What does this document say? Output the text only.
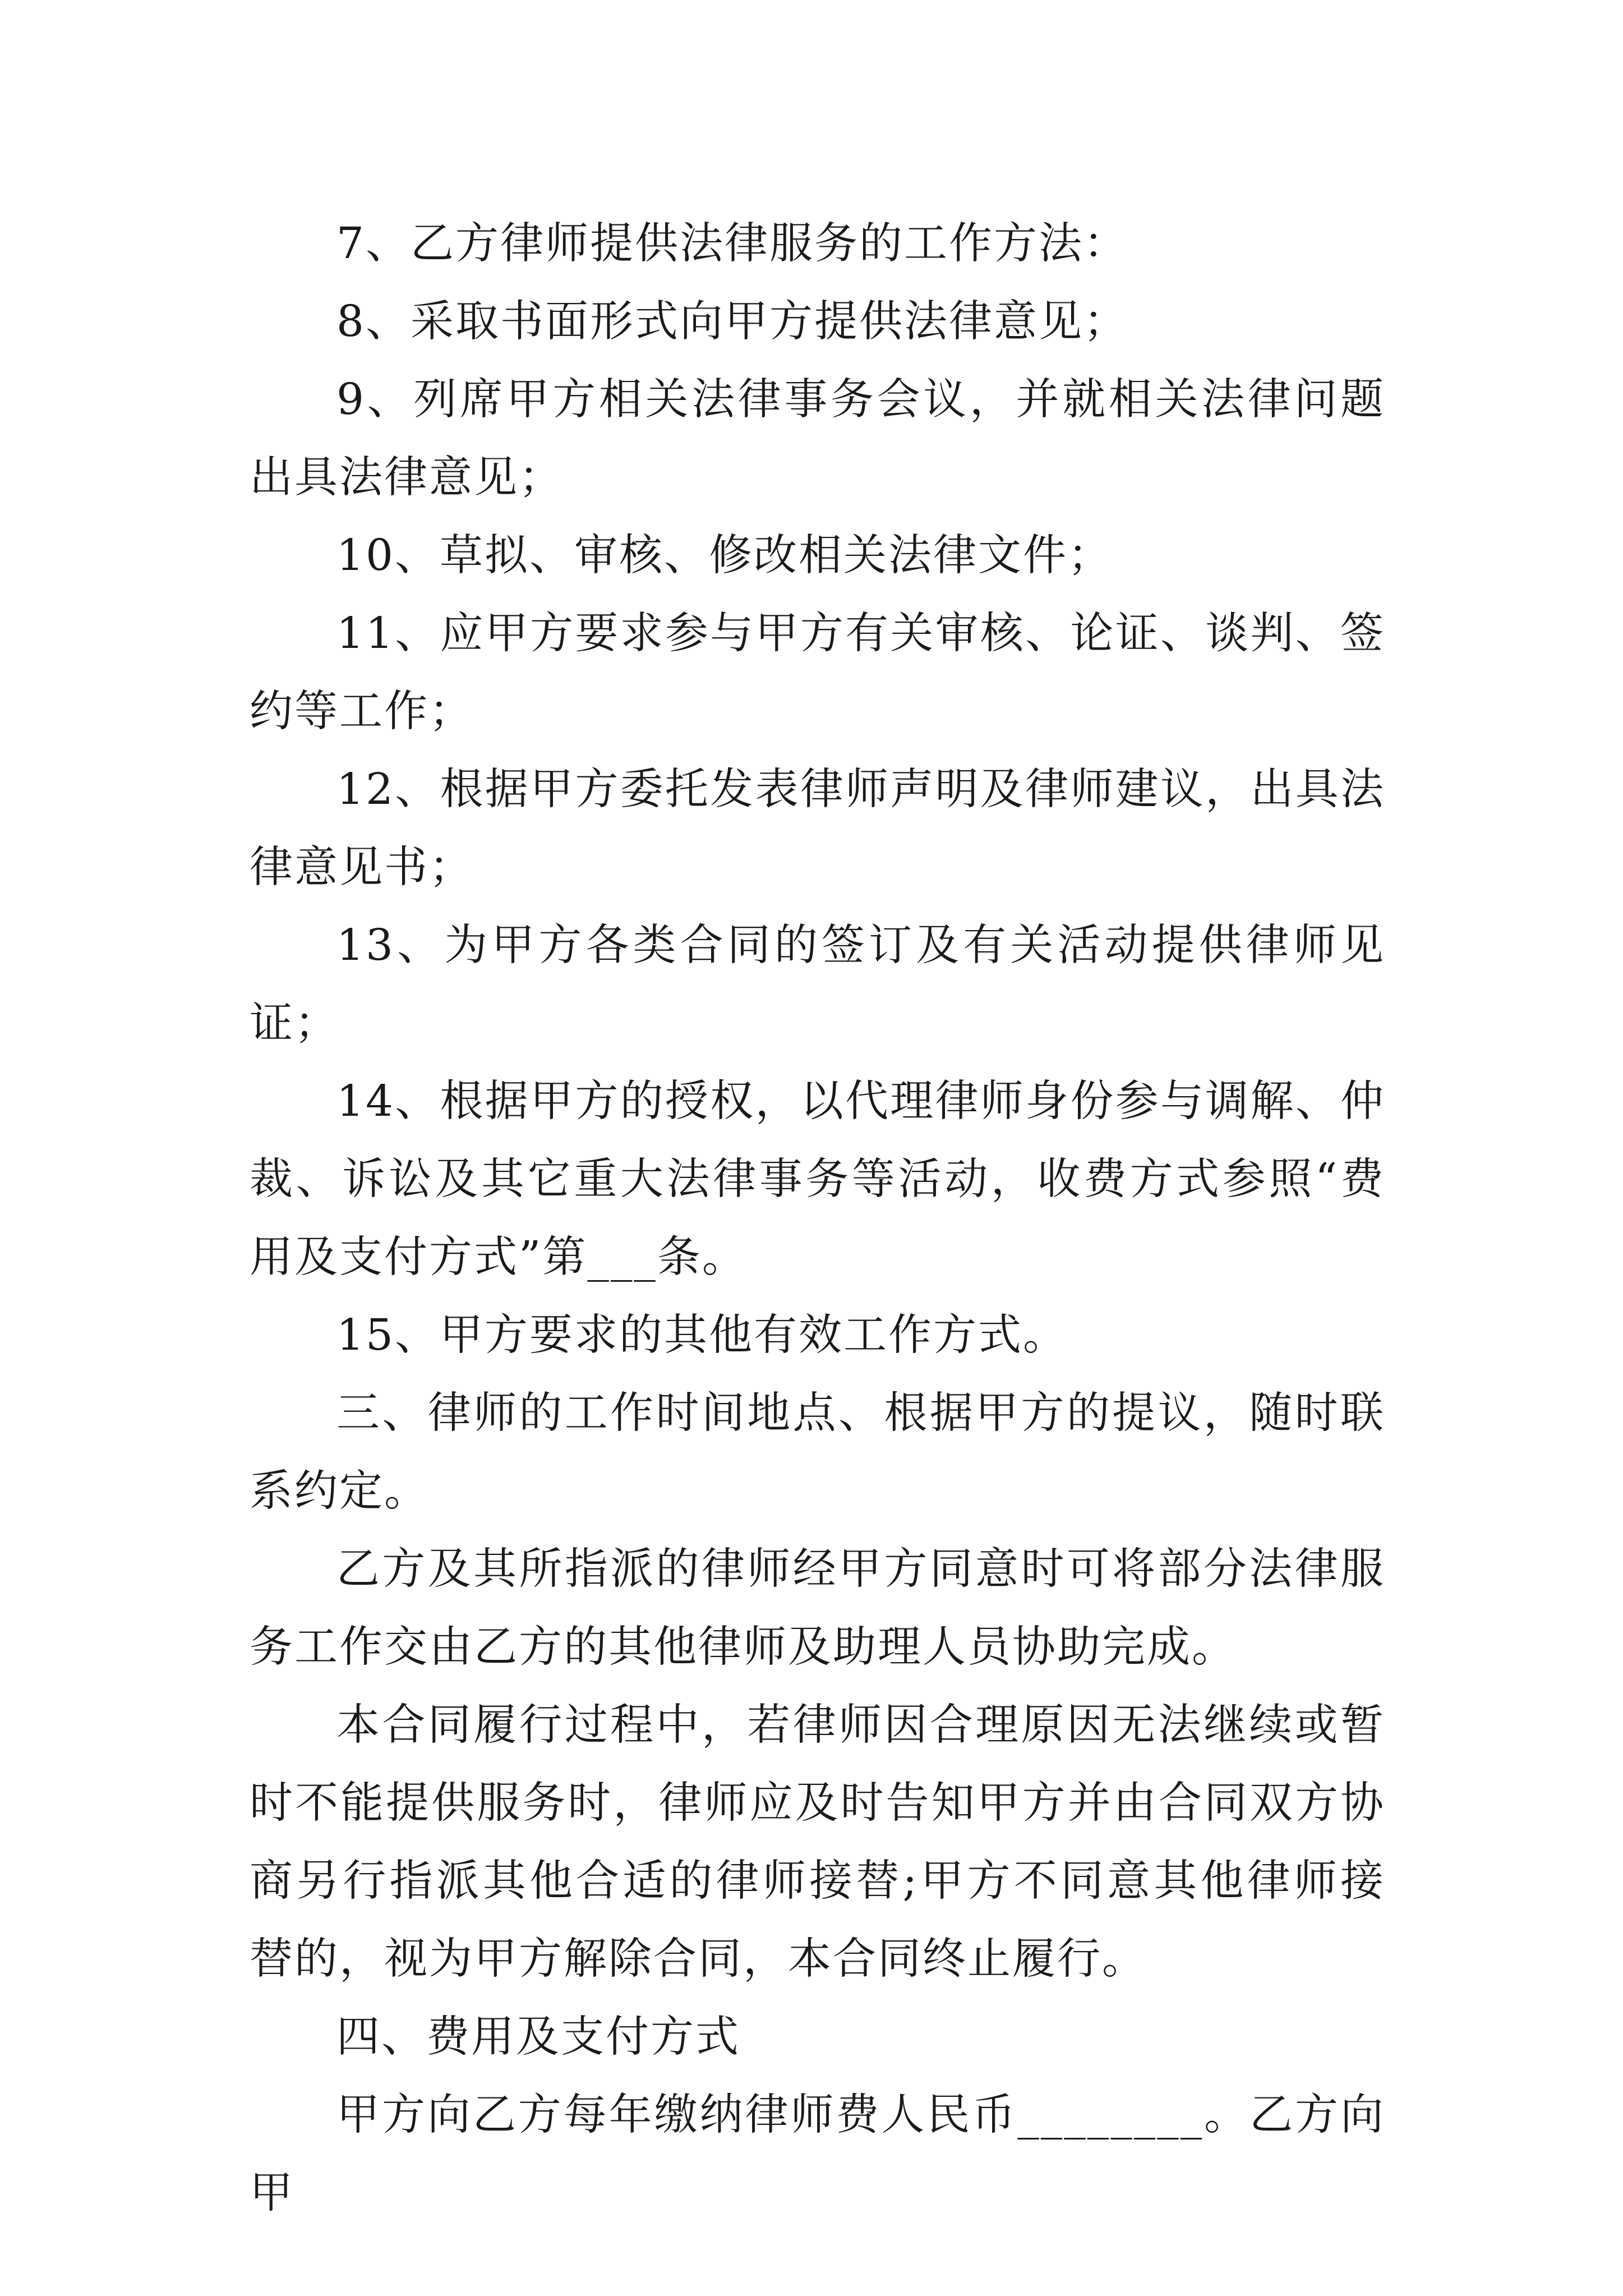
7、乙方律师提供法律服务的工作方法：

8、采取书面形式向甲方提供法律意见；

9、列席甲方相关法律事务会议，并就相关法律问题出具法律意见；

10、草拟、审核、修改相关法律文件；

11、应甲方要求参与甲方有关审核、论证、谈判、签约等工作；

12、根据甲方委托发表律师声明及律师建议，出具法律意见书；

13、为甲方各类合同的签订及有关活动提供律师见证；

14、根据甲方的授权，以代理律师身份参与调解、仲裁、诉讼及其它重大法律事务等活动，收费方式参照“费用及支付方式”第___条。

15、甲方要求的其他有效工作方式。

三、律师的工作时间地点、根据甲方的提议，随时联系约定。

乙方及其所指派的律师经甲方同意时可将部分法律服务工作交由乙方的其他律师及助理人员协助完成。

本合同履行过程中，若律师因合理原因无法继续或暂时不能提供服务时，律师应及时告知甲方并由合同双方协商另行指派其他合适的律师接替;甲方不同意其他律师接替的，视为甲方解除合同，本合同终止履行。

四、费用及支付方式

甲方向乙方每年缴纳律师费人民币________。乙方向甲
